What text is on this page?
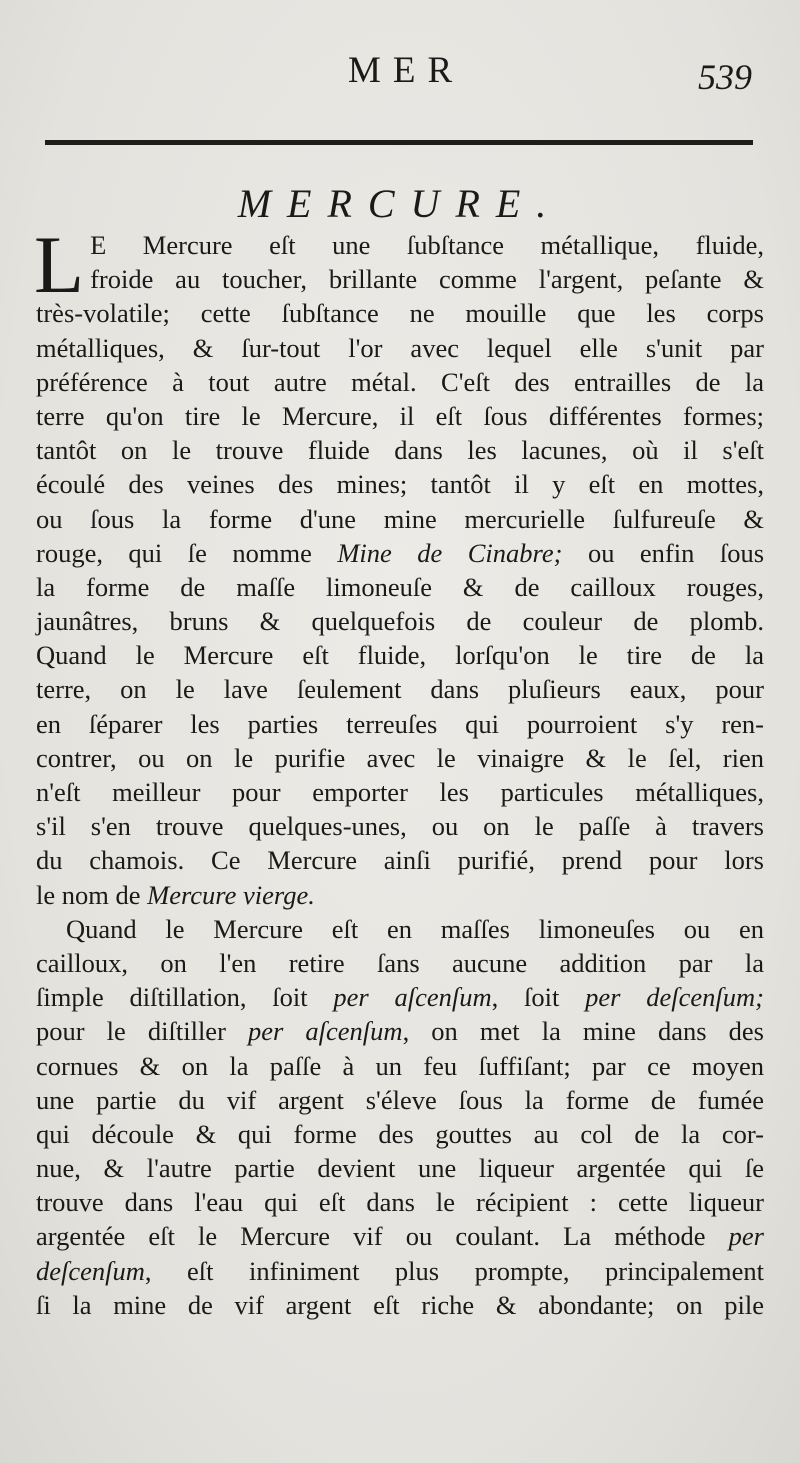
MER	539
MERCURE.
L E Mercure eſt une ſubſtance métallique, fluide,
froide au toucher, brillante comme l'argent, peſante &
très-volatile; cette ſubſtance ne mouille que les corps
métalliques, & ſur-tout l'or avec lequel elle s'unit par
préférence à tout autre métal. C'eſt des entrailles de la
terre qu'on tire le Mercure, il eſt ſous différentes formes;
tantôt on le trouve fluide dans les lacunes, où il s'eſt
écoulé des veines des mines; tantôt il y eſt en mottes,
ou ſous la forme d'une mine mercurielle ſulfureuſe &
rouge, qui ſe nomme Mine de Cinabre; ou enfin ſous
la forme de maſſe limoneuſe & de cailloux rouges,
jaunâtres, bruns & quelquefois de couleur de plomb.
Quand le Mercure eſt fluide, lorſqu'on le tire de la
terre, on le lave ſeulement dans pluſieurs eaux, pour
en ſéparer les parties terreuſes qui pourroient s'y ren-
contrer, ou on le purifie avec le vinaigre & le ſel, rien
n'eſt meilleur pour emporter les particules métalliques,
s'il s'en trouve quelques-unes, ou on le paſſe à travers
du chamois. Ce Mercure ainſi purifié, prend pour lors
le nom de Mercure vierge.
Quand le Mercure eſt en maſſes limoneuſes ou en
cailloux, on l'en retire ſans aucune addition par la
ſimple diſtillation, ſoit per aſcenſum, ſoit per deſcenſum;
pour le diſtiller per aſcenſum, on met la mine dans des
cornues & on la paſſe à un feu ſuffiſant; par ce moyen
une partie du vif argent s'éleve ſous la forme de fumée
qui découle & qui forme des gouttes au col de la cor-
nue, & l'autre partie devient une liqueur argentée qui ſe
trouve dans l'eau qui eſt dans le récipient : cette liqueur
argentée eſt le Mercure vif ou coulant. La méthode per
deſcenſum, eſt infiniment plus prompte, principalement
ſi la mine de vif argent eſt riche & abondante; on pile
